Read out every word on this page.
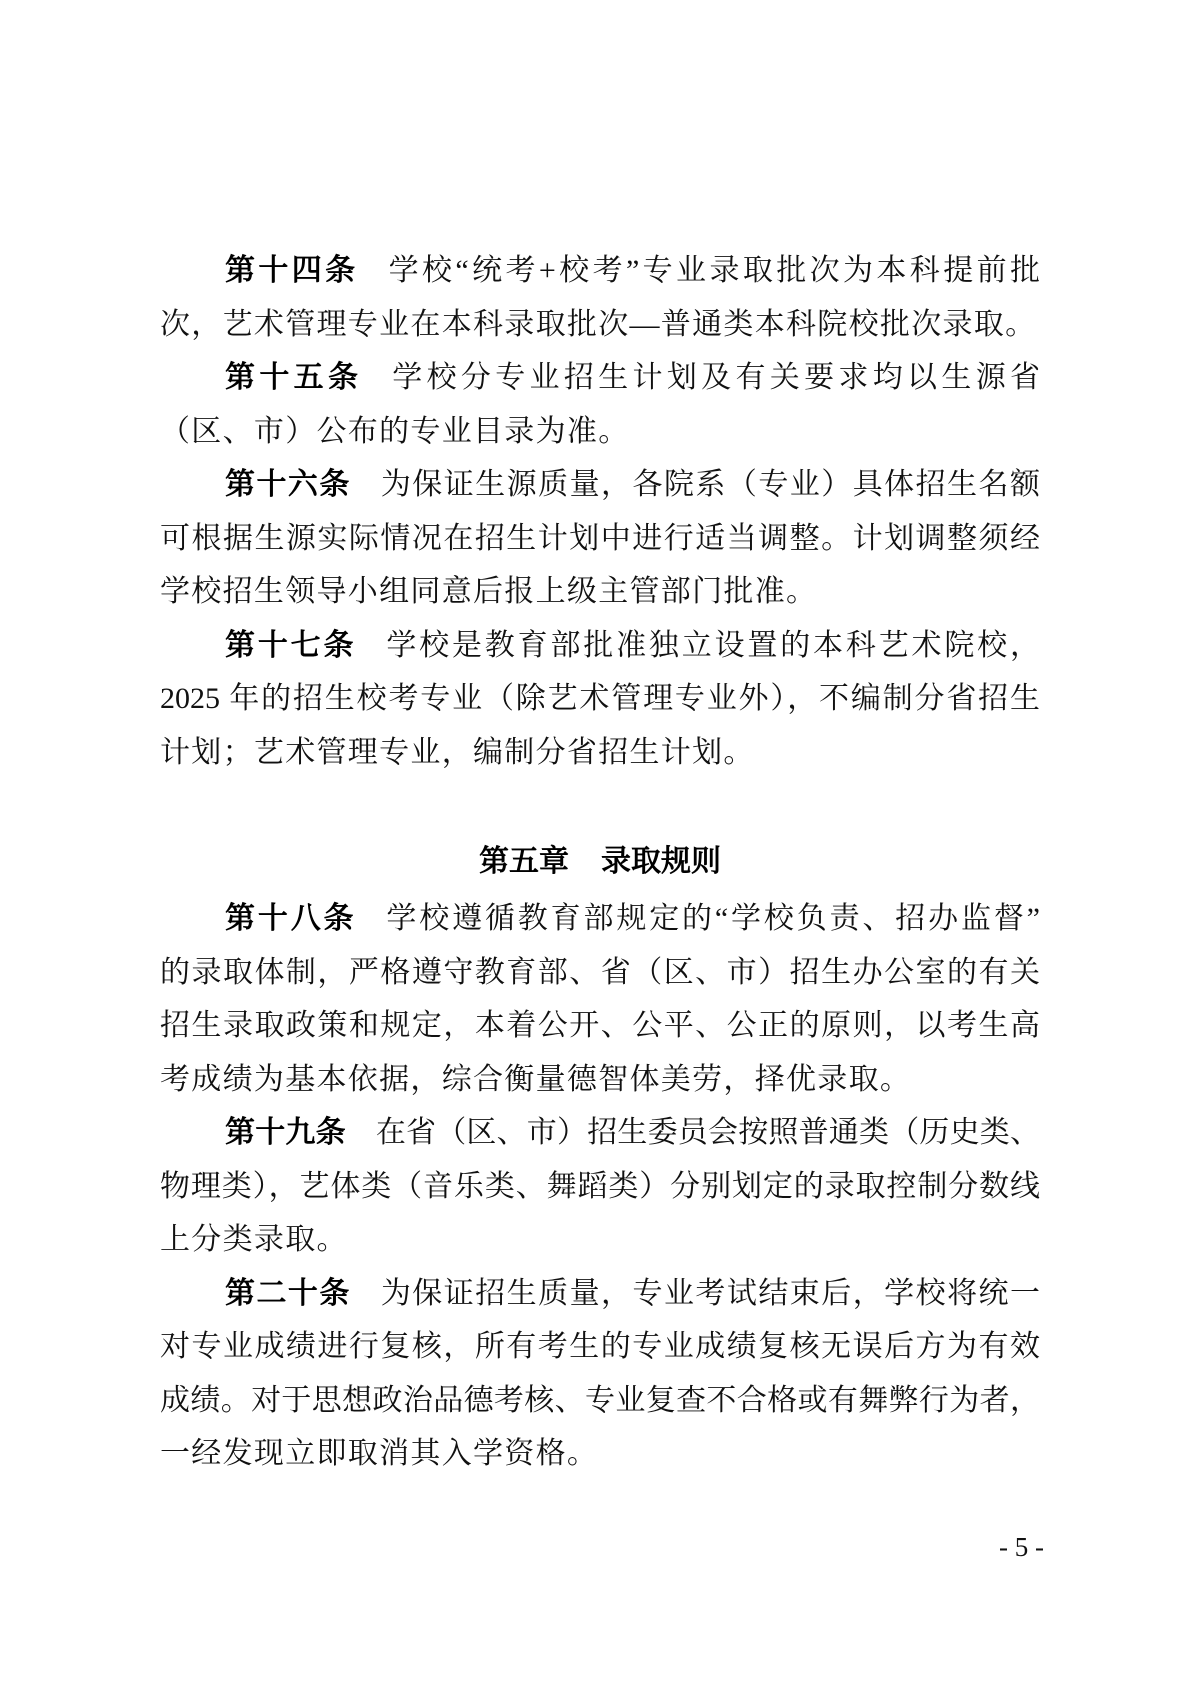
第十四条 学校“统考+校考”专业录取批次为本科提前批
次，艺术管理专业在本科录取批次—普通类本科院校批次录取。
第十五条 学校分专业招生计划及有关要求均以生源省
（区、市）公布的专业目录为准。
第十六条 为保证生源质量，各院系（专业）具体招生名额
可根据生源实际情况在招生计划中进行适当调整。计划调整须经
学校招生领导小组同意后报上级主管部门批准。
第十七条 学校是教育部批准独立设置的本科艺术院校，
2025 年的招生校考专业（除艺术管理专业外），不编制分省招生
计划；艺术管理专业，编制分省招生计划。
第五章 录取规则
第十八条 学校遵循教育部规定的“学校负责、招办监督”
的录取体制，严格遵守教育部、省（区、市）招生办公室的有关
招生录取政策和规定，本着公开、公平、公正的原则，以考生高
考成绩为基本依据，综合衡量德智体美劳，择优录取。
第十九条 在省（区、市）招生委员会按照普通类（历史类、
物理类），艺体类（音乐类、舞蹈类）分别划定的录取控制分数线
上分类录取。
第二十条 为保证招生质量，专业考试结束后，学校将统一
对专业成绩进行复核，所有考生的专业成绩复核无误后方为有效
成绩。对于思想政治品德考核、专业复查不合格或有舞弊行为者，
一经发现立即取消其入学资格。
- 5 -
